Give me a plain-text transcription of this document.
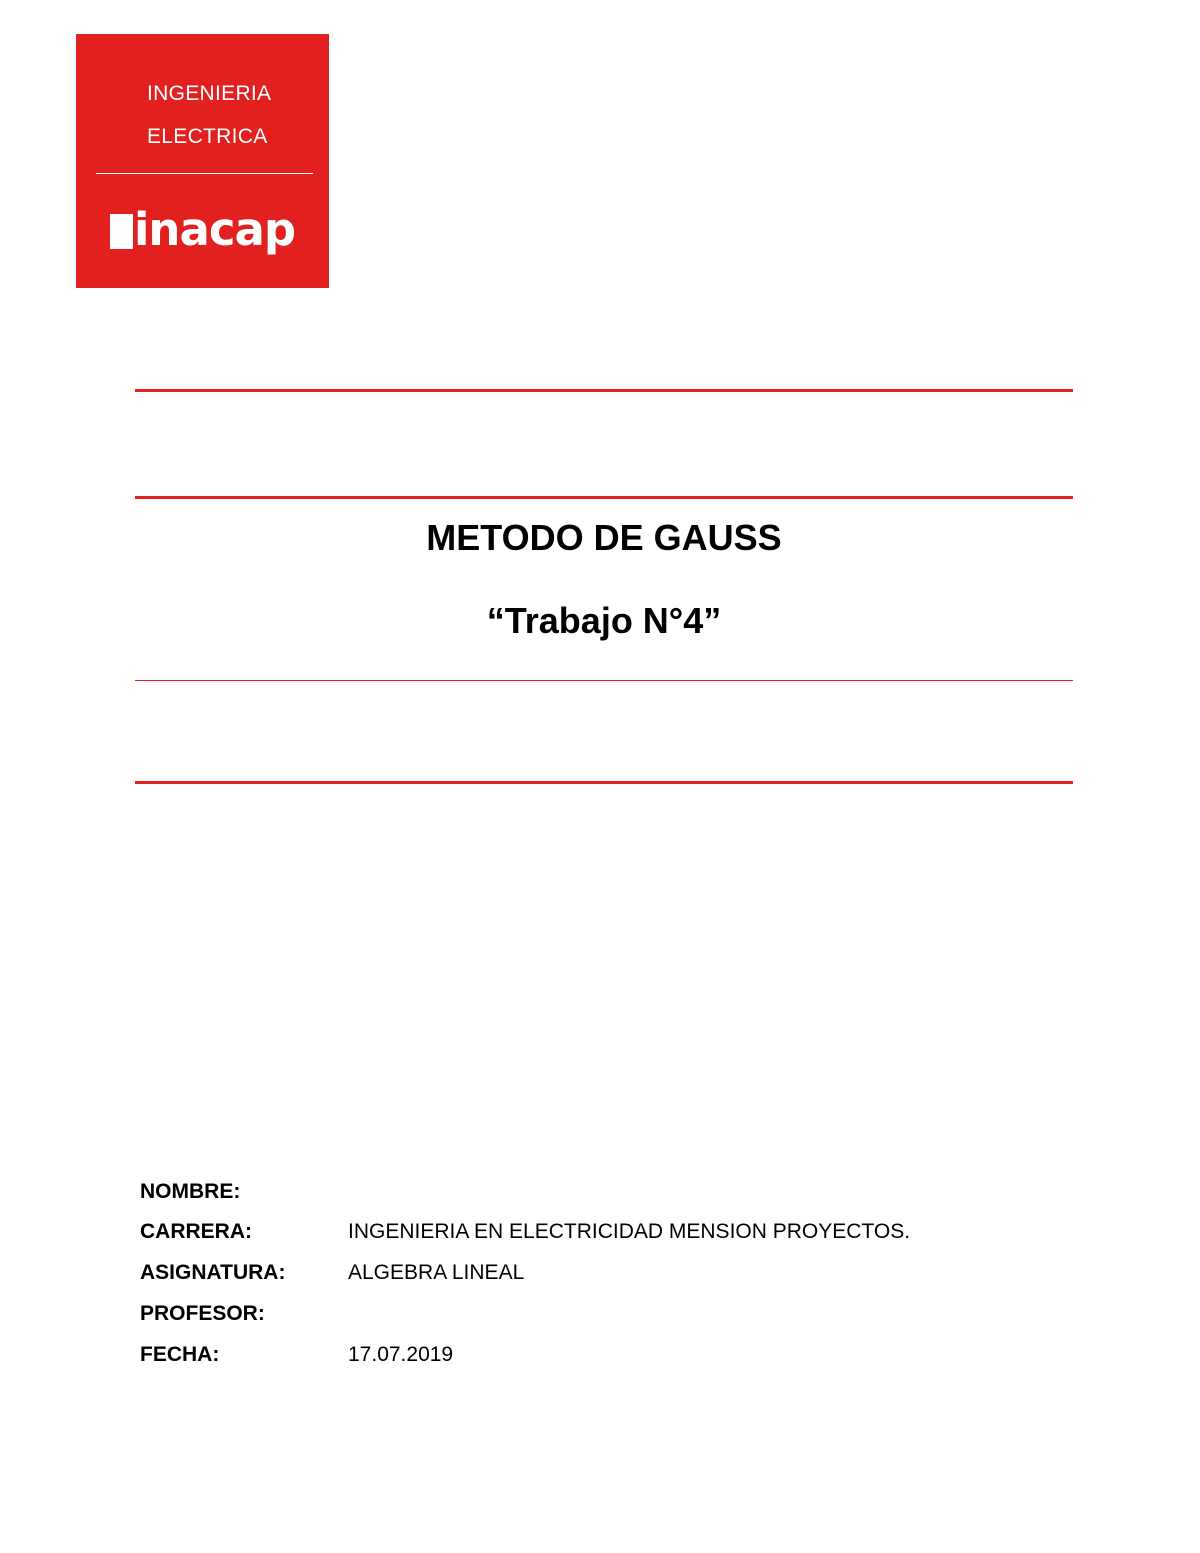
INGENIERIA
ELECTRICA
inacap
METODO DE GAUSS
“Trabajo N°4”
NOMBRE:
CARRERA:	INGENIERIA EN ELECTRICIDAD MENSION PROYECTOS.
ASIGNATURA:	ALGEBRA LINEAL
PROFESOR:
FECHA:	17.07.2019
